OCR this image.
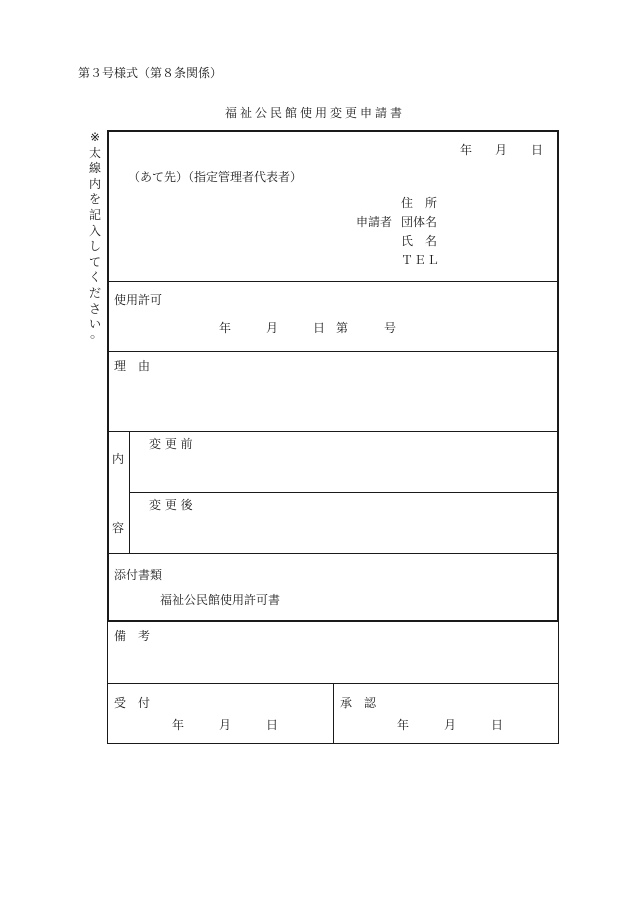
第３号様式（第８条関係）
福祉公民館使用変更申請書
※
太
線
内
を
記
入
し
て
く
だ
さ
い
。
年 月 日
（あて先）（指定管理者代表者）
住　所
申請者 団体名
氏　名
ＴＥＬ
使用許可
年	月	日 第	号
理　由
内
容
変 更 前
変 更 後
添付書類
福祉公民館使用許可書
備　考
受　付
年	月	日
承　認
年	月	日
